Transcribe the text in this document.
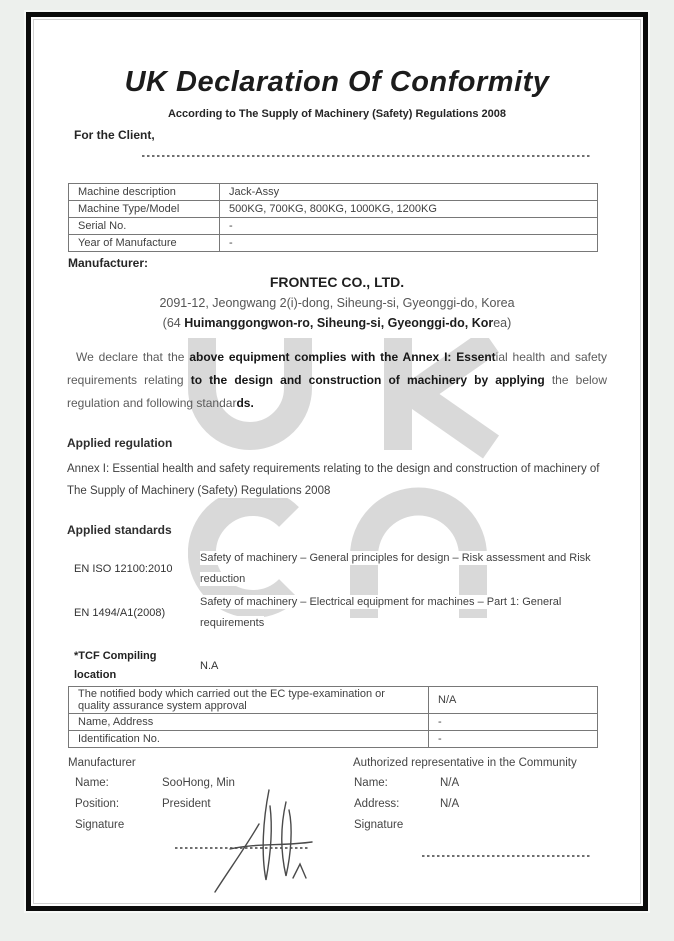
UK Declaration Of Conformity
According to The Supply of Machinery (Safety) Regulations 2008
For the Client,
Machine description	Jack-Assy
Machine Type/Model	500KG, 700KG, 800KG, 1000KG, 1200KG
Serial No.	-
Year of Manufacture	-
Manufacturer:
FRONTEC CO., LTD.
2091-12, Jeongwang 2(i)-dong, Siheung-si, Gyeonggi-do, Korea
(64 Huimanggongwon-ro, Siheung-si, Gyeonggi-do, Korea)

We declare that the above equipment complies with the Annex I: Essential health and safety requirements relating to the design and construction of machinery by applying the below regulation and following standards.

Applied regulation

Annex I: Essential health and safety requirements relating to the design and construction of machinery of The Supply of Machinery (Safety) Regulations 2008

Applied standards
EN ISO 12100:2010
Safety of machinery – General principles for design – Risk assessment and Risk reduction
EN 1494/A1(2008)
Safety of machinery – Electrical equipment for machines – Part 1: General requirements
*TCF Compiling
location
N.A
The notified body which carried out the EC type-examination or quality assurance system approval	N/A
Name, Address	-
Identification No.	-
Manufacturer
Name:	SooHong, Min
Position:	President
Signature
Authorized representative in the Community
Name:	N/A
Address:	N/A
Signature
